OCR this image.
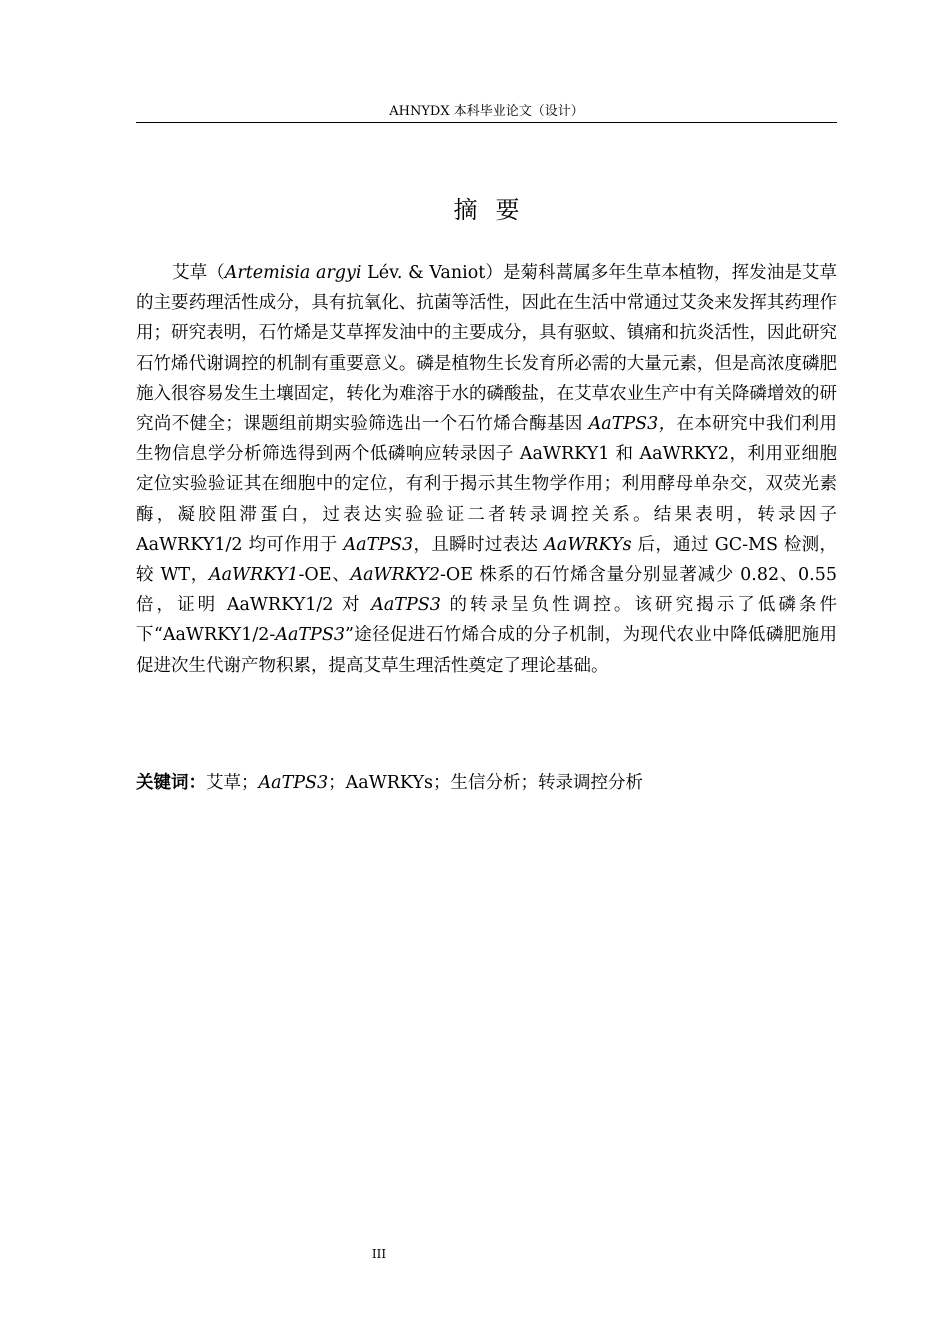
AHNYDX 本科毕业论文（设计）
摘要

艾草（Artemisia argyi Lév. & Vaniot）是菊科蒿属多年生草本植物，挥发油是艾草的主要药理活性成分，具有抗氧化、抗菌等活性，因此在生活中常通过艾灸来发挥其药理作用；研究表明，石竹烯是艾草挥发油中的主要成分，具有驱蚊、镇痛和抗炎活性，因此研究石竹烯代谢调控的机制有重要意义。磷是植物生长发育所必需的大量元素，但是高浓度磷肥施入很容易发生土壤固定，转化为难溶于水的磷酸盐，在艾草农业生产中有关降磷增效的研究尚不健全；课题组前期实验筛选出一个石竹烯合酶基因 AaTPS3，在本研究中我们利用生物信息学分析筛选得到两个低磷响应转录因子 AaWRKY1 和 AaWRKY2，利用亚细胞定位实验验证其在细胞中的定位，有利于揭示其生物学作用；利用酵母单杂交，双荧光素酶，凝胶阻滞蛋白，过表达实验验证二者转录调控关系。结果表明，转录因子 AaWRKY1/2 均可作用于 AaTPS3，且瞬时过表达 AaWRKYs 后，通过 GC-MS 检测，较 WT，AaWRKY1-OE、AaWRKY2-OE 株系的石竹烯含量分别显著减少 0.82、0.55 倍，证明 AaWRKY1/2 对 AaTPS3 的转录呈负性调控。该研究揭示了低磷条件下“AaWRKY1/2-AaTPS3”途径促进石竹烯合成的分子机制，为现代农业中降低磷肥施用促进次生代谢产物积累，提高艾草生理活性奠定了理论基础。

关键词：艾草；AaTPS3；AaWRKYs；生信分析；转录调控分析
III
